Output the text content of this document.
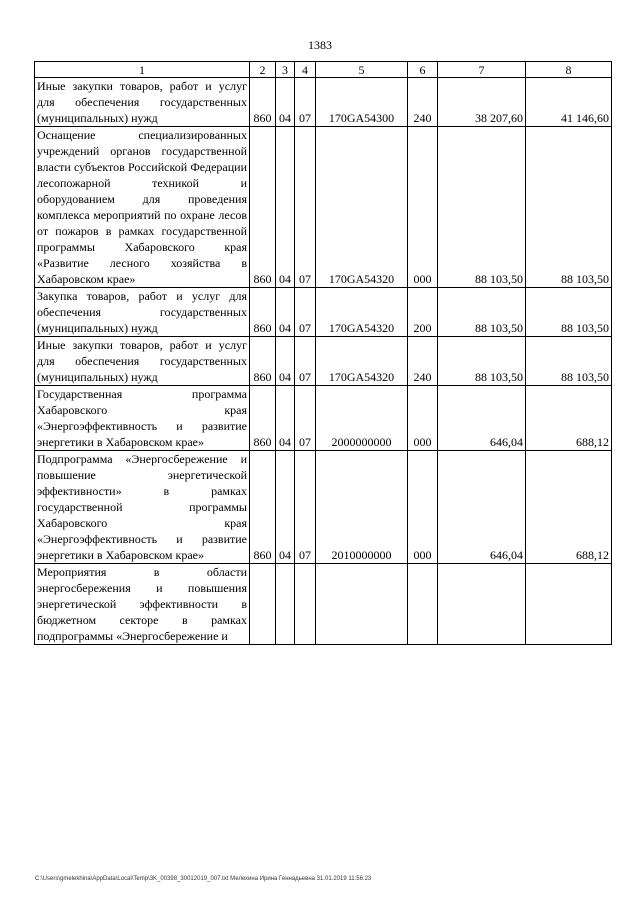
1383
1	2	3	4	5	6	7	8
Иные закупки товаров, работ и услуг для обеспечения государственных (муниципальных) нужд	860	04	07	170GA54300	240	38 207,60	41 146,60
Оснащение специализированных учреждений органов государственной власти субъектов Российской Федерации лесопожарной техникой и оборудованием для проведения комплекса мероприятий по охране лесов от пожаров в рамках государственной программы Хабаровского края «Развитие лесного хозяйства в Хабаровском крае»	860	04	07	170GA54320	000	88 103,50	88 103,50
Закупка товаров, работ и услуг для обеспечения государственных (муниципальных) нужд	860	04	07	170GA54320	200	88 103,50	88 103,50
Иные закупки товаров, работ и услуг для обеспечения государственных (муниципальных) нужд	860	04	07	170GA54320	240	88 103,50	88 103,50
Государственная программа Хабаровского края «Энергоэффективность и развитие энергетики в Хабаровском крае»	860	04	07	2000000000	000	646,04	688,12
Подпрограмма «Энергосбережение и повышение энергетической эффективности» в рамках государственной программы Хабаровского края «Энергоэффективность и развитие энергетики в Хабаровском крае»	860	04	07	2010000000	000	646,04	688,12
Мероприятия в области энергосбережения и повышения энергетической эффективности в бюджетном секторе в рамках подпрограммы «Энергосбережение и							
C:\Users\gmelekhina\AppData\Local\Temp\3K_00398_30012019_007.txt Мелехина Ирина Геннадьевна 31.01.2019 11:56:23
